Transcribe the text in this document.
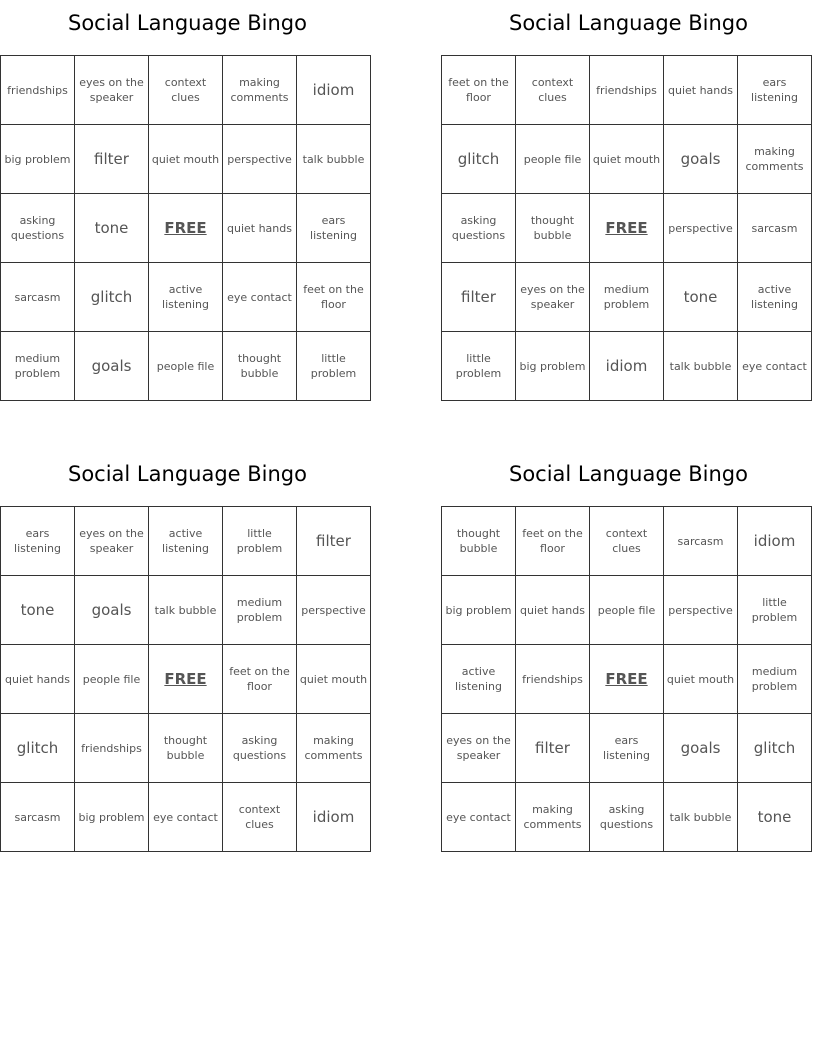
Social Language Bingo
friendships	eyes on the speaker	context clues	making comments	idiom
big problem	filter	quiet mouth	perspective	talk bubble
asking questions	tone	FREE	quiet hands	ears listening
sarcasm	glitch	active listening	eye contact	feet on the floor
medium problem	goals	people file	thought bubble	little problem
Social Language Bingo
feet on the floor	context clues	friendships	quiet hands	ears listening
glitch	people file	quiet mouth	goals	making comments
asking questions	thought bubble	FREE	perspective	sarcasm
filter	eyes on the speaker	medium problem	tone	active listening
little problem	big problem	idiom	talk bubble	eye contact
Social Language Bingo
ears listening	eyes on the speaker	active listening	little problem	filter
tone	goals	talk bubble	medium problem	perspective
quiet hands	people file	FREE	feet on the floor	quiet mouth
glitch	friendships	thought bubble	asking questions	making comments
sarcasm	big problem	eye contact	context clues	idiom
Social Language Bingo
thought bubble	feet on the floor	context clues	sarcasm	idiom
big problem	quiet hands	people file	perspective	little problem
active listening	friendships	FREE	quiet mouth	medium problem
eyes on the speaker	filter	ears listening	goals	glitch
eye contact	making comments	asking questions	talk bubble	tone
